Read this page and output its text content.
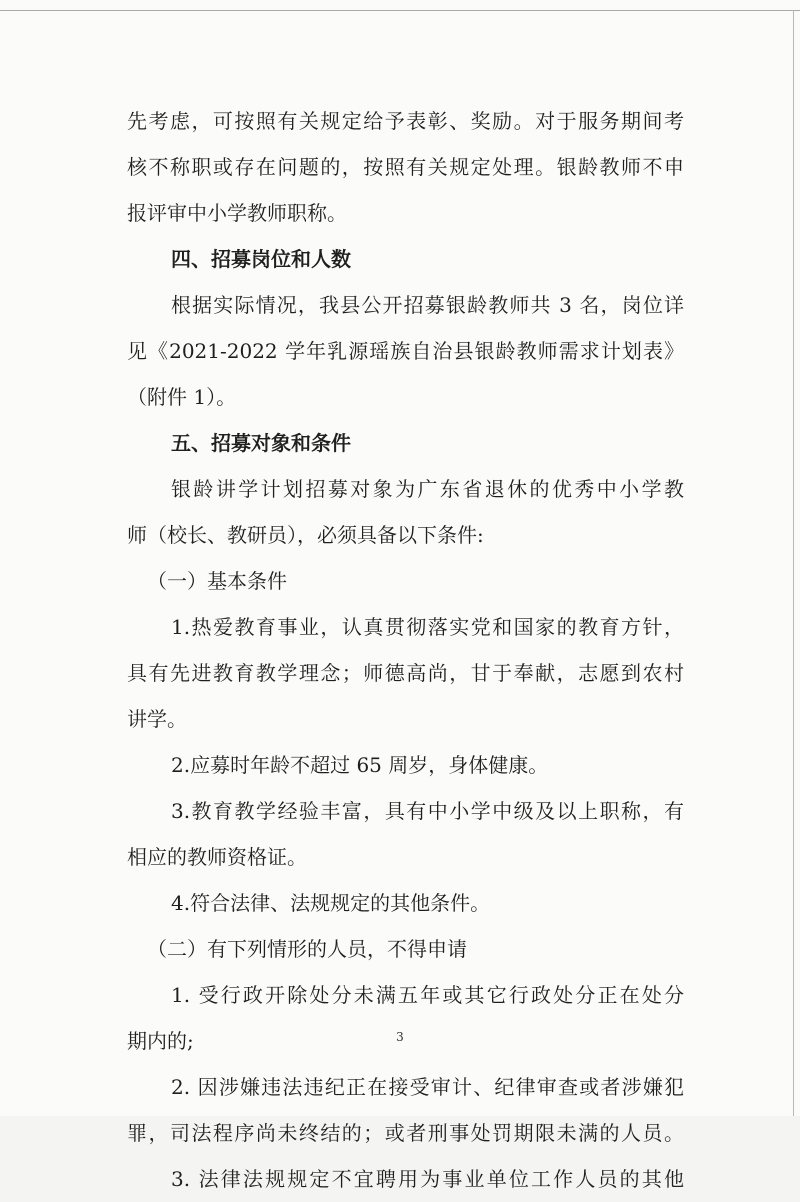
先考虑，可按照有关规定给予表彰、奖励。对于服务期间考
核不称职或存在问题的，按照有关规定处理。银龄教师不申
报评审中小学教师职称。
四、招募岗位和人数
根据实际情况，我县公开招募银龄教师共 3 名，岗位详
见《2021-2022 学年乳源瑶族自治县银龄教师需求计划表》
（附件 1）。
五、招募对象和条件
银龄讲学计划招募对象为广东省退休的优秀中小学教
师（校长、教研员），必须具备以下条件:
（一）基本条件
1.热爱教育事业，认真贯彻落实党和国家的教育方针，
具有先进教育教学理念；师德高尚，甘于奉献，志愿到农村
讲学。
2.应募时年龄不超过 65 周岁，身体健康。
3.教育教学经验丰富，具有中小学中级及以上职称，有
相应的教师资格证。
4.符合法律、法规规定的其他条件。
（二）有下列情形的人员，不得申请
1. 受行政开除处分未满五年或其它行政处分正在处分
期内的;
2. 因涉嫌违法违纪正在接受审计、纪律审查或者涉嫌犯
罪，司法程序尚未终结的；或者刑事处罚期限未满的人员。
3. 法律法规规定不宜聘用为事业单位工作人员的其他
3
